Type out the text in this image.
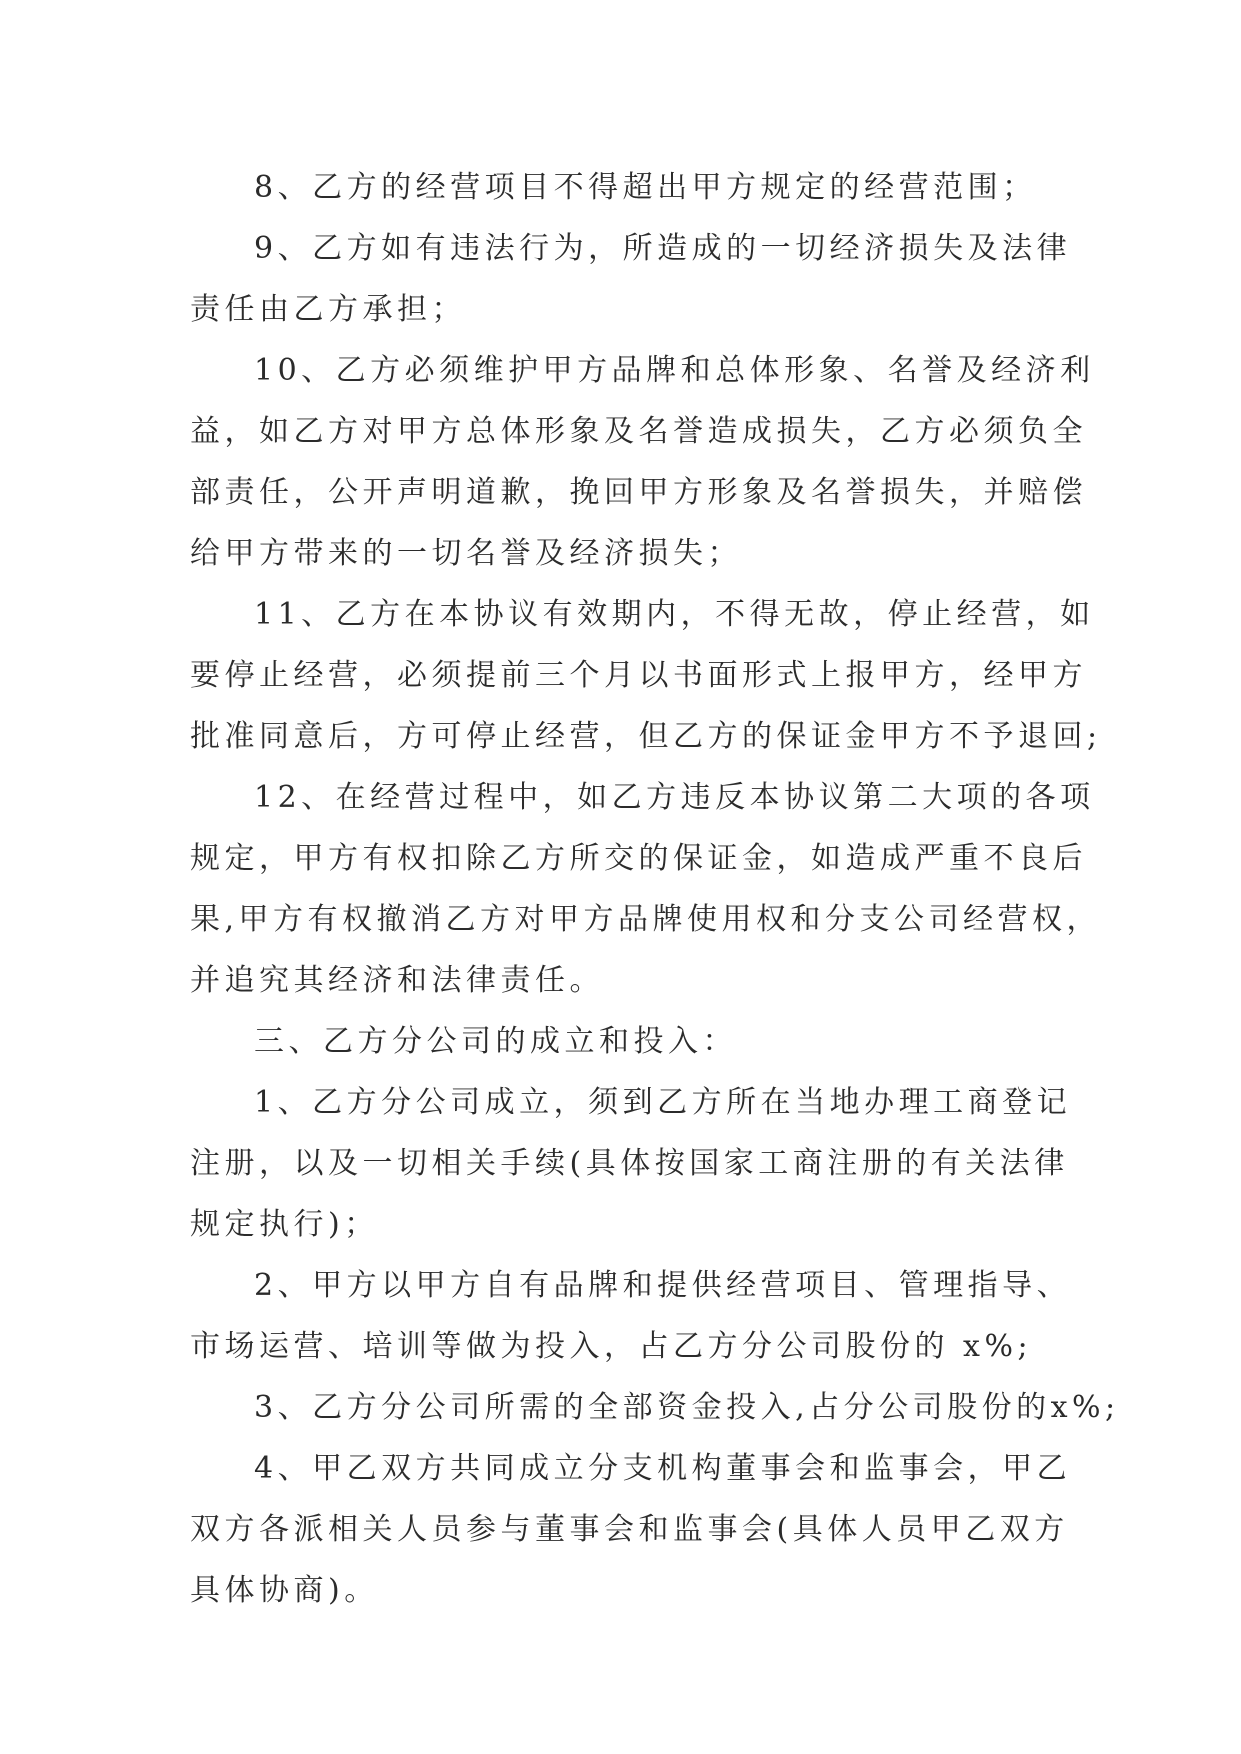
8、乙方的经营项目不得超出甲方规定的经营范围；
9、乙方如有违法行为，所造成的一切经济损失及法律
责任由乙方承担；
10、乙方必须维护甲方品牌和总体形象、名誉及经济利
益，如乙方对甲方总体形象及名誉造成损失，乙方必须负全
部责任，公开声明道歉，挽回甲方形象及名誉损失，并赔偿
给甲方带来的一切名誉及经济损失；
11、乙方在本协议有效期内，不得无故，停止经营，如
要停止经营，必须提前三个月以书面形式上报甲方，经甲方
批准同意后，方可停止经营，但乙方的保证金甲方不予退回;
12、在经营过程中，如乙方违反本协议第二大项的各项
规定，甲方有权扣除乙方所交的保证金，如造成严重不良后
果,甲方有权撤消乙方对甲方品牌使用权和分支公司经营权，
并追究其经济和法律责任。
三、乙方分公司的成立和投入：
1、乙方分公司成立，须到乙方所在当地办理工商登记
注册，以及一切相关手续(具体按国家工商注册的有关法律
规定执行)；
2、甲方以甲方自有品牌和提供经营项目、管理指导、
市场运营、培训等做为投入，占乙方分公司股份的 x%;
3、乙方分公司所需的全部资金投入,占分公司股份的x%;
4、甲乙双方共同成立分支机构董事会和监事会，甲乙
双方各派相关人员参与董事会和监事会(具体人员甲乙双方
具体协商)。
